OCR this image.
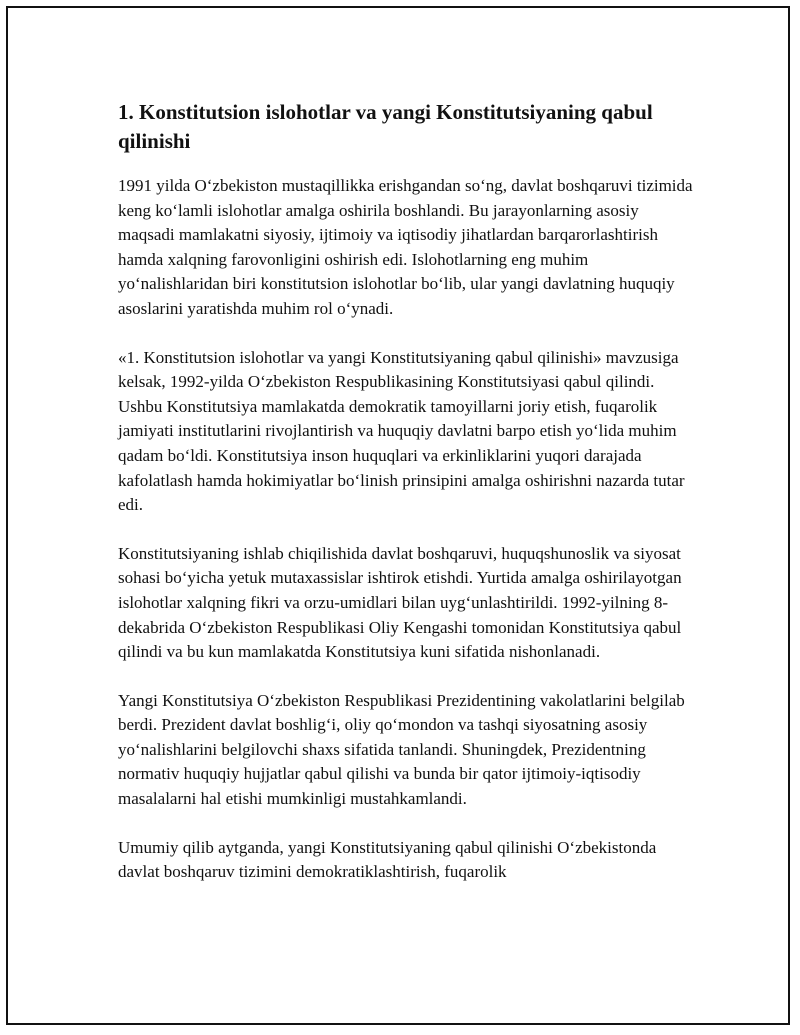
1. Konstitutsion islohotlar va yangi Konstitutsiyaning qabul qilinishi

1991 yilda O‘zbekiston mustaqillikka erishgandan so‘ng, davlat boshqaruvi tizimida keng ko‘lamli islohotlar amalga oshirila boshlandi. Bu jarayonlarning asosiy maqsadi mamlakatni siyosiy, ijtimoiy va iqtisodiy jihatlardan barqarorlashtirish hamda xalqning farovonligini oshirish edi. Islohotlarning eng muhim yo‘nalishlaridan biri konstitutsion islohotlar bo‘lib, ular yangi davlatning huquqiy asoslarini yaratishda muhim rol o‘ynadi.

«1. Konstitutsion islohotlar va yangi Konstitutsiyaning qabul qilinishi» mavzusiga kelsak, 1992-yilda O‘zbekiston Respublikasining Konstitutsiyasi qabul qilindi. Ushbu Konstitutsiya mamlakatda demokratik tamoyillarni joriy etish, fuqarolik jamiyati institutlarini rivojlantirish va huquqiy davlatni barpo etish yo‘lida muhim qadam bo‘ldi. Konstitutsiya inson huquqlari va erkinliklarini yuqori darajada kafolatlash hamda hokimiyatlar bo‘linish prinsipini amalga oshirishni nazarda tutar edi.

Konstitutsiyaning ishlab chiqilishida davlat boshqaruvi, huquqshunoslik va siyosat sohasi bo‘yicha yetuk mutaxassislar ishtirok etishdi. Yurtida amalga oshirilayotgan islohotlar xalqning fikri va orzu-umidlari bilan uyg‘unlashtirildi. 1992-yilning 8-dekabrida O‘zbekiston Respublikasi Oliy Kengashi tomonidan Konstitutsiya qabul qilindi va bu kun mamlakatda Konstitutsiya kuni sifatida nishonlanadi.

Yangi Konstitutsiya O‘zbekiston Respublikasi Prezidentining vakolatlarini belgilab berdi. Prezident davlat boshlig‘i, oliy qo‘mondon va tashqi siyosatning asosiy yo‘nalishlarini belgilovchi shaxs sifatida tanlandi. Shuningdek, Prezidentning normativ huquqiy hujjatlar qabul qilishi va bunda bir qator ijtimoiy-iqtisodiy masalalarni hal etishi mumkinligi mustahkamlandi.

Umumiy qilib aytganda, yangi Konstitutsiyaning qabul qilinishi O‘zbekistonda davlat boshqaruv tizimini demokratiklashtirish, fuqarolik
